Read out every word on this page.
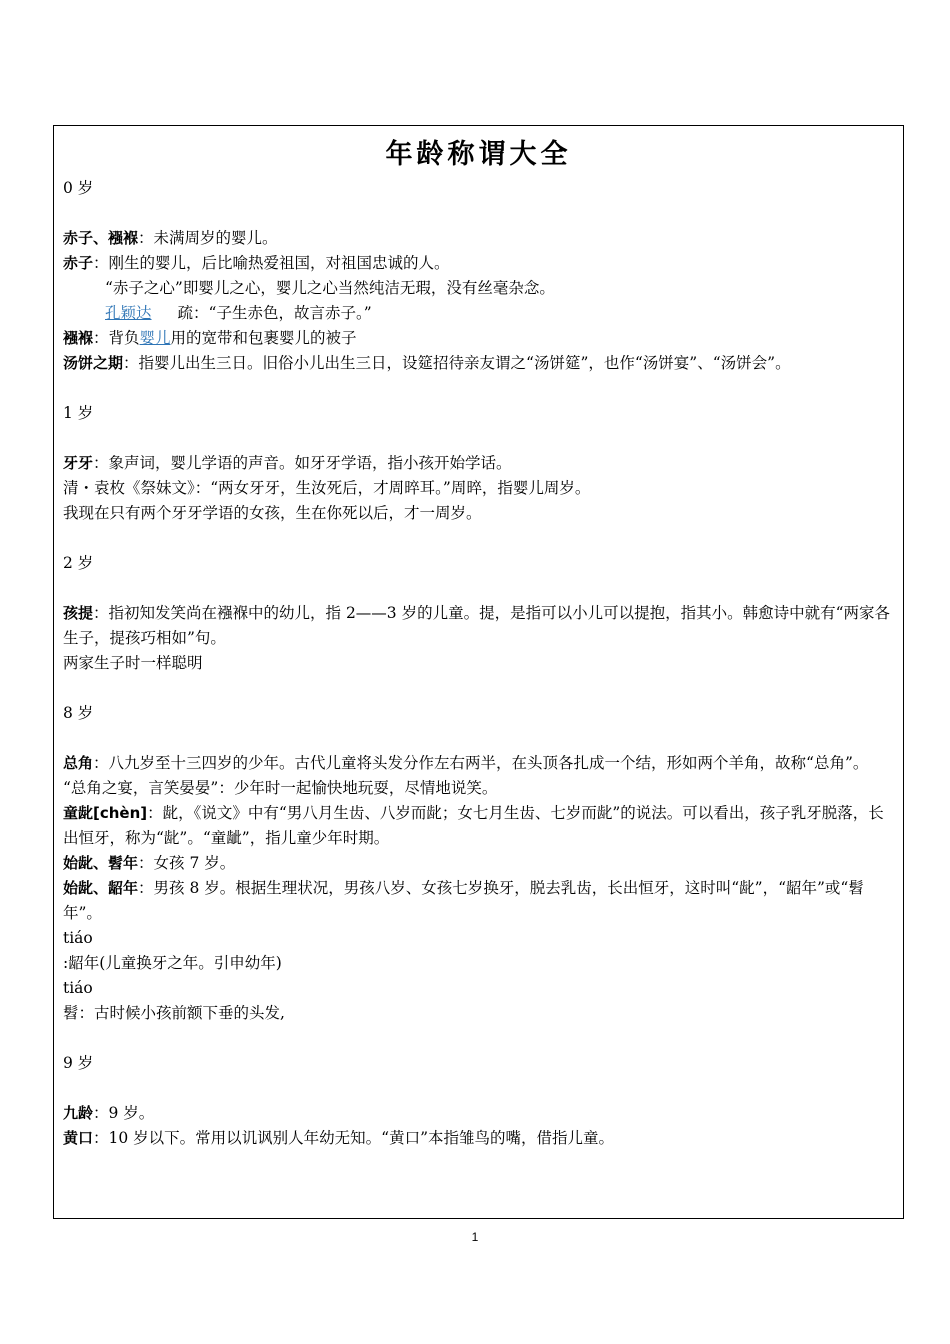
年龄称谓大全
0 岁
赤子、襁褓：未满周岁的婴儿。
赤子：刚生的婴儿，后比喻热爱祖国，对祖国忠诚的人。
“赤子之心”即婴儿之心，婴儿之心当然纯洁无瑕，没有丝毫杂念。
孔颖达 疏：“子生赤色，故言赤子。”
襁褓：背负婴儿用的宽带和包裹婴儿的被子
汤饼之期：指婴儿出生三日。旧俗小儿出生三日，设筵招待亲友谓之“汤饼筵”，也作“汤饼宴”、“汤饼会”。
1 岁
牙牙：象声词，婴儿学语的声音。如牙牙学语，指小孩开始学话。
清・袁枚《祭妹文》：“两女牙牙，生汝死后，才周晬耳。”周晬，指婴儿周岁。
我现在只有两个牙牙学语的女孩，生在你死以后，才一周岁。
2 岁
孩提：指初知发笑尚在襁褓中的幼儿，指 2——3 岁的儿童。提，是指可以小儿可以提抱，指其小。韩愈诗中就有“两家各生子，提孩巧相如”句。
两家生子时一样聪明
8 岁
总角：八九岁至十三四岁的少年。古代儿童将头发分作左右两半，在头顶各扎成一个结，形如两个羊角，故称“总角”。
“总角之宴，言笑晏晏”：少年时一起愉快地玩耍，尽情地说笑。
童龀[chèn]：龀，《说文》中有“男八月生齿、八岁而龀；女七月生齿、七岁而龀”的说法。可以看出，孩子乳牙脱落，长出恒牙，称为“龀”。“童龇”，指儿童少年时期。
始龀、髫年：女孩 7 岁。
始龀、龆年：男孩 8 岁。根据生理状况，男孩八岁、女孩七岁换牙，脱去乳齿，长出恒牙，这时叫“龀”，“龆年”或“髫年”。
tiáo
:龆年(儿童换牙之年。引申幼年)
tiáo
髫：古时候小孩前额下垂的头发,
9 岁
九龄：9 岁。
黄口：10 岁以下。常用以讥讽别人年幼无知。“黄口”本指雏鸟的嘴，借指儿童。
1
